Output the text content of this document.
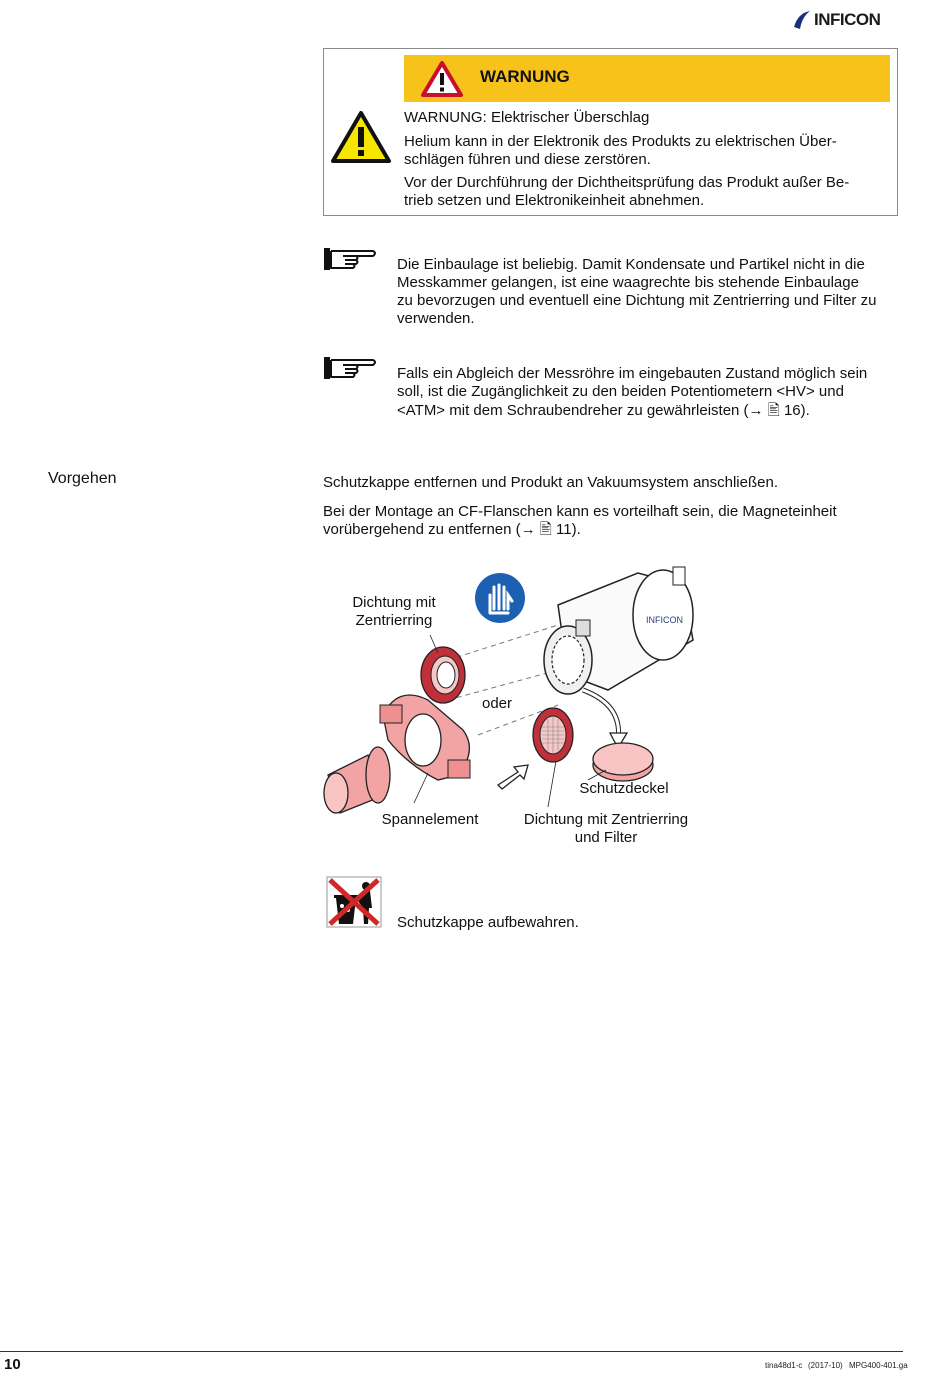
INFICON
WARNUNG
WARNUNG: Elektrischer Überschlag
Helium kann in der Elektronik des Produkts zu elektrischen Über-
schlägen führen und diese zerstören.
Vor der Durchführung der Dichtheitsprüfung das Produkt außer Be-
trieb setzen und Elektronikeinheit abnehmen.
Die Einbaulage ist beliebig. Damit Kondensate und Partikel nicht in die
Messkammer gelangen, ist eine waagrechte bis stehende Einbaulage
zu bevorzugen und eventuell eine Dichtung mit Zentrierring und Filter zu
verwenden.
Falls ein Abgleich der Messröhre im eingebauten Zustand möglich sein
soll, ist die Zugänglichkeit zu den beiden Potentiometern <HV> und
<ATM> mit dem Schraubendreher zu gewährleisten (→ 🖹 16).
Vorgehen	Schutzkappe entfernen und Produkt an Vakuumsystem anschließen.
Bei der Montage an CF-Flanschen kann es vorteilhaft sein, die Magneteinheit
vorübergehend zu entfernen (→ 🖹 11).
INFICON
Dichtung mit
Zentrierring
oder
Schutzdeckel
Spannelement	Dichtung mit Zentrierring
und Filter
Schutzkappe aufbewahren.
10	tina48d1-c (2017-10) MPG400-401.ga
